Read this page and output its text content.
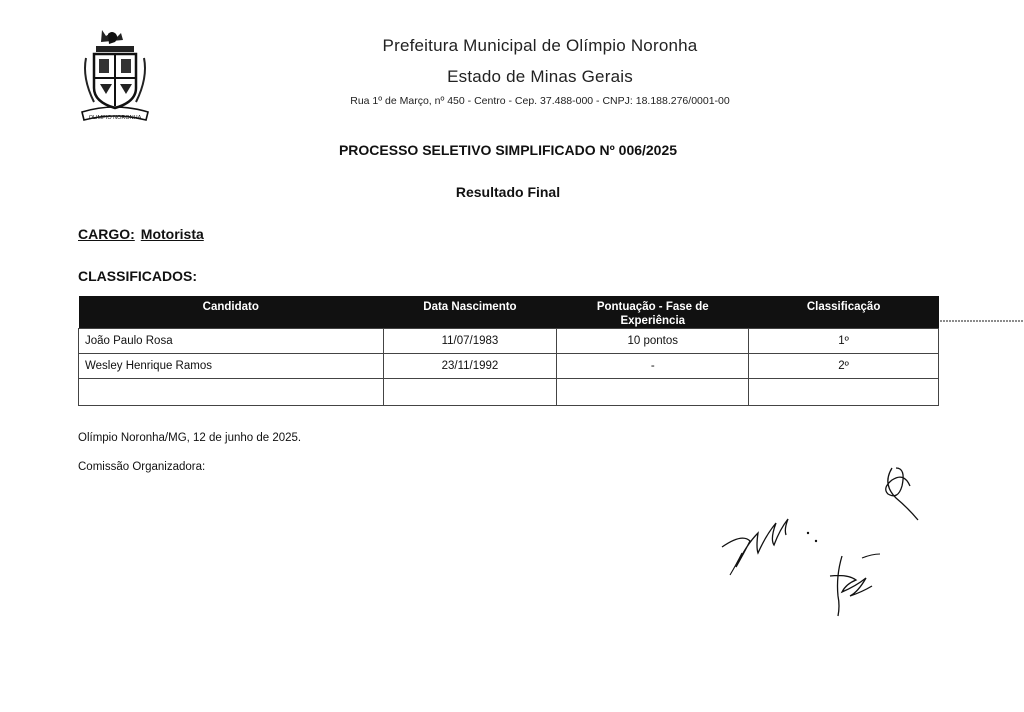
OLIMPIO NORONHA
Prefeitura Municipal de Olímpio Noronha
Estado de Minas Gerais
Rua 1º de Março, nº 450 - Centro - Cep. 37.488-000 - CNPJ: 18.188.276/0001-00
PROCESSO SELETIVO SIMPLIFICADO Nº 006/2025
Resultado Final
CARGO: Motorista
CLASSIFICADOS:
Candidato	Data Nascimento	Pontuação - Fase de Experiência	Classificação
João Paulo Rosa	11/07/1983	10 pontos	1º
Wesley Henrique Ramos	23/11/1992	-	2º

Olímpio Noronha/MG, 12 de junho de 2025.
Comissão Organizadora:
